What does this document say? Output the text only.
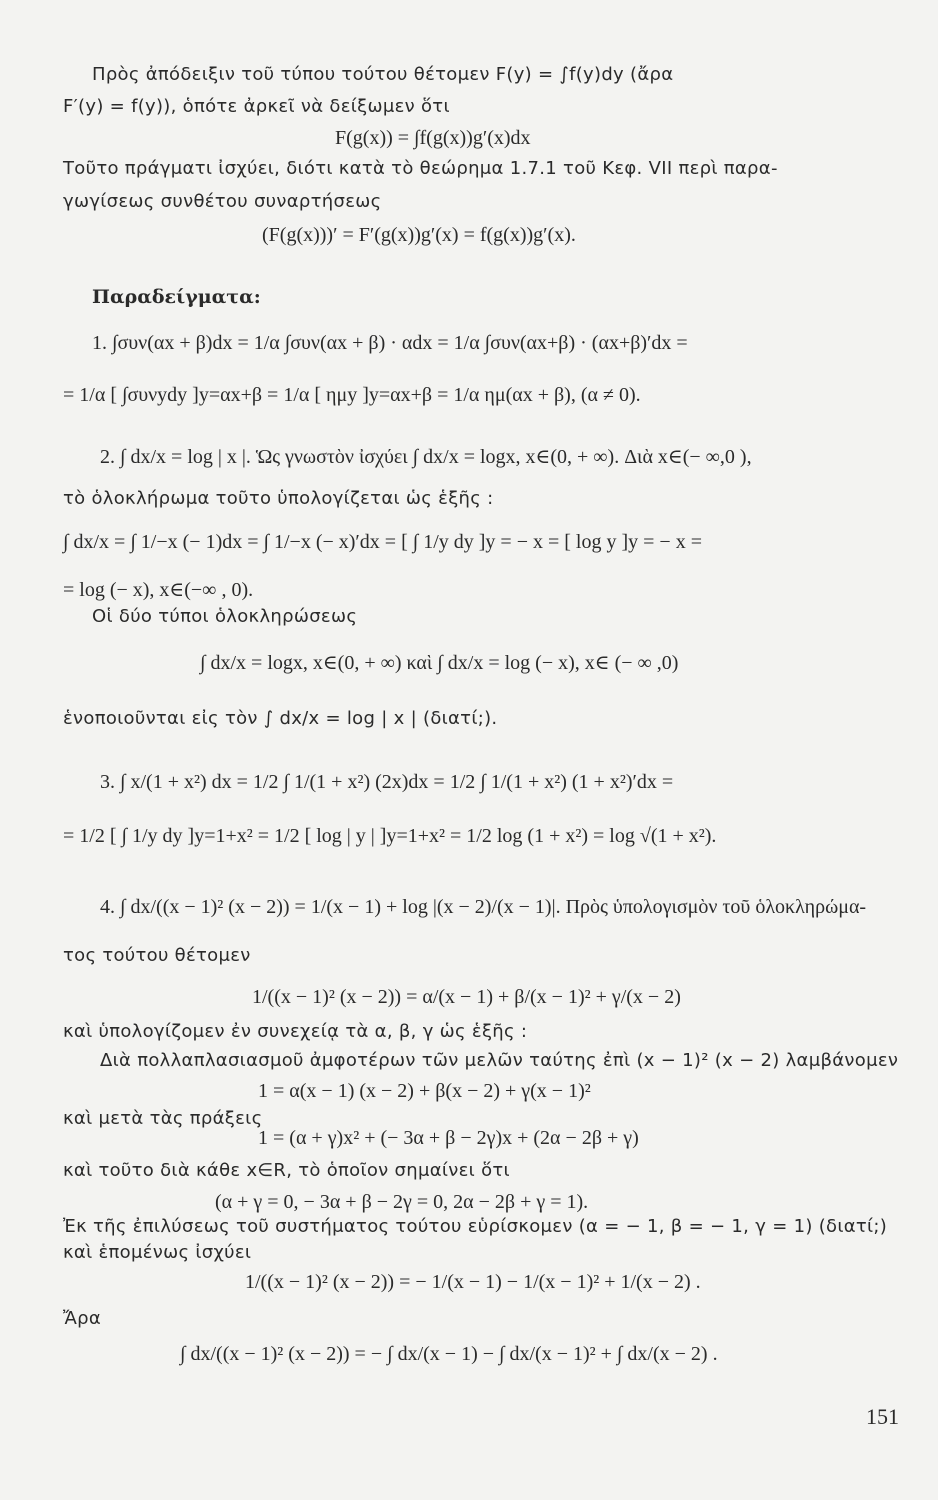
Πρὸς ἀπόδειξιν τοῦ τύπου τούτου θέτομεν F(y) = ∫f(y)dy (ἄρα
F′(y) = f(y)), ὁπότε ἀρκεῖ νὰ δείξωμεν ὅτι
F(g(x)) = ∫f(g(x))g′(x)dx
Τοῦτο πράγματι ἰσχύει, διότι κατὰ τὸ θεώρημα 1.7.1 τοῦ Κεφ. VII περὶ παρα-
γωγίσεως συνθέτου συναρτήσεως
(F(g(x)))′ = F′(g(x))g′(x) = f(g(x))g′(x).
Παραδείγματα:
1. ∫συν(αx + β)dx = 1/α ∫συν(αx + β) · αdx = 1/α ∫συν(αx+β) · (αx+β)′dx =
= 1/α [ ∫συνydy ]y=αx+β = 1/α [ ημy ]y=αx+β = 1/α ημ(αx + β), (α ≠ 0).
2. ∫ dx/x = log | x |. Ὡς γνωστὸν ἰσχύει ∫ dx/x = logx, x∈(0, + ∞). Διὰ x∈(− ∞,0 ),
τὸ ὁλοκλήρωμα τοῦτο ὑπολογίζεται ὡς ἑξῆς :
∫ dx/x = ∫ 1/−x (− 1)dx = ∫ 1/−x (− x)′dx = [ ∫ 1/y dy ]y = − x = [ log y ]y = − x =
= log (− x), x∈(−∞ , 0).
Οἱ δύο τύποι ὁλοκληρώσεως
∫ dx/x = logx, x∈(0, + ∞) καὶ ∫ dx/x = log (− x), x∈ (− ∞ ,0)
ἑνοποιοῦνται εἰς τὸν ∫ dx/x = log | x | (διατί;).
3. ∫ x/(1 + x²) dx = 1/2 ∫ 1/(1 + x²) (2x)dx = 1/2 ∫ 1/(1 + x²) (1 + x²)′dx =
= 1/2 [ ∫ 1/y dy ]y=1+x² = 1/2 [ log | y | ]y=1+x² = 1/2 log (1 + x²) = log √(1 + x²).
4. ∫ dx/((x − 1)² (x − 2)) = 1/(x − 1) + log |(x − 2)/(x − 1)|. Πρὸς ὑπολογισμὸν τοῦ ὁλοκληρώμα-
τος τούτου θέτομεν
1/((x − 1)² (x − 2)) = α/(x − 1) + β/(x − 1)² + γ/(x − 2)
καὶ ὑπολογίζομεν ἐν συνεχείᾳ τὰ α, β, γ ὡς ἑξῆς :
Διὰ πολλαπλασιασμοῦ ἀμφοτέρων τῶν μελῶν ταύτης ἐπὶ (x − 1)² (x − 2) λαμβάνομεν
1 = α(x − 1) (x − 2) + β(x − 2) + γ(x − 1)²
καὶ μετὰ τὰς πράξεις
1 = (α + γ)x² + (− 3α + β − 2γ)x + (2α − 2β + γ)
καὶ τοῦτο διὰ κάθε x∈R, τὸ ὁποῖον σημαίνει ὅτι
(α + γ = 0, − 3α + β − 2γ = 0, 2α − 2β + γ = 1).
Ἐκ τῆς ἐπιλύσεως τοῦ συστήματος τούτου εὑρίσκομεν (α = − 1, β = − 1, γ = 1) (διατί;)
καὶ ἑπομένως ἰσχύει
1/((x − 1)² (x − 2)) = − 1/(x − 1) − 1/(x − 1)² + 1/(x − 2) .
Ἄρα
∫ dx/((x − 1)² (x − 2)) = − ∫ dx/(x − 1) − ∫ dx/(x − 1)² + ∫ dx/(x − 2) .
151
